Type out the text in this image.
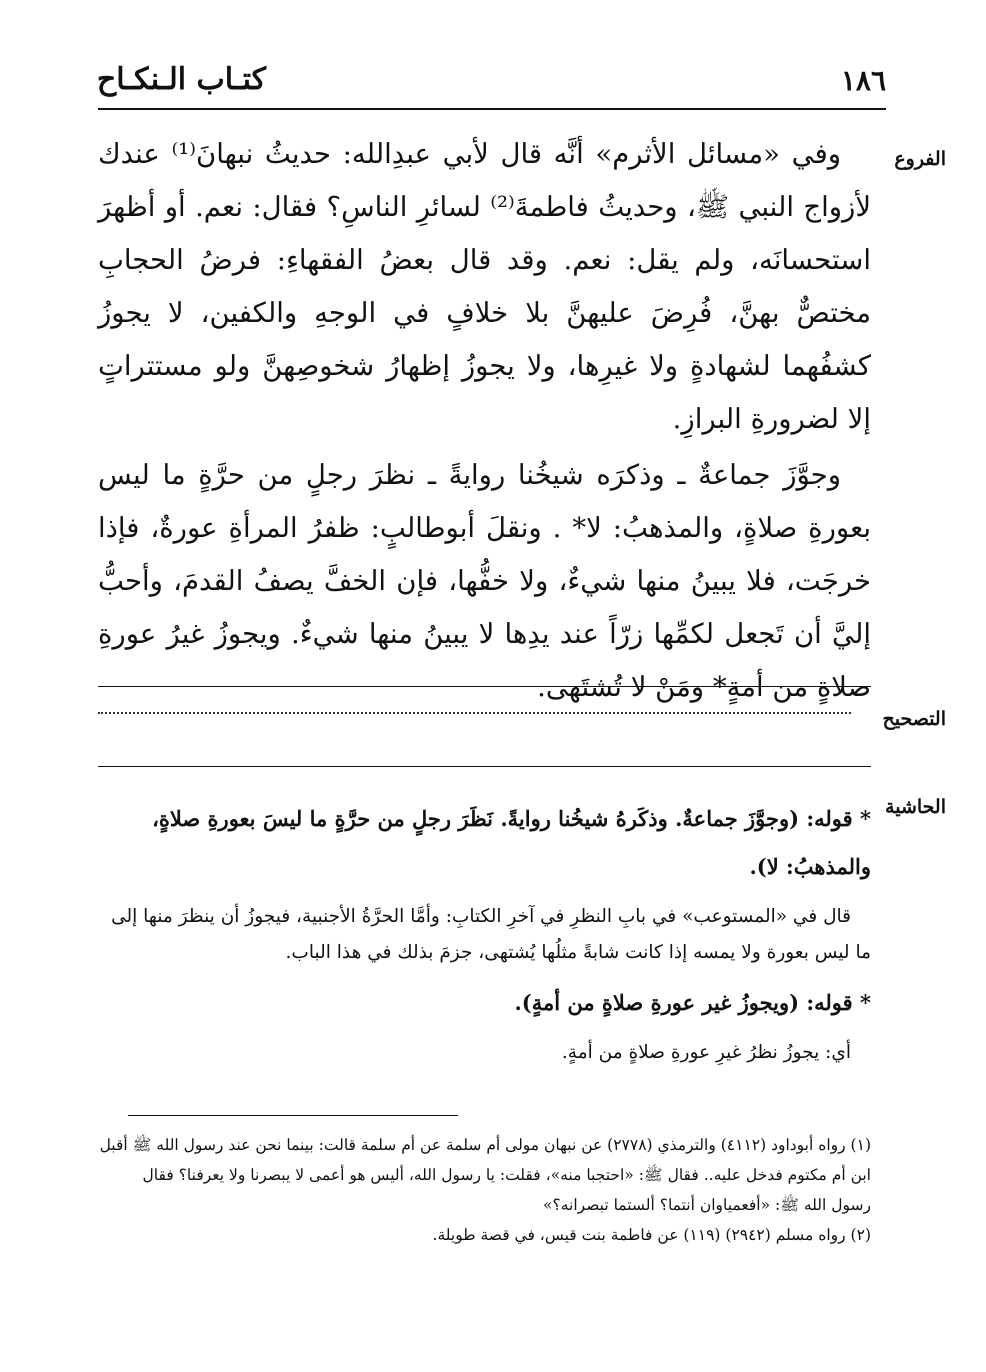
كتـاب الـنكـاح	١٨٦
الفروع

وفي «مسائل الأثرم» أنَّه قال لأبي عبدِالله: حديثُ نبهانَ⁽¹⁾ عندك لأزواج النبي ﷺ، وحديثُ فاطمةَ⁽²⁾ لسائرِ الناسِ؟ فقال: نعم. أو أظهرَ استحسانَه، ولم يقل: نعم. وقد قال بعضُ الفقهاءِ: فرضُ الحجابِ مختصٌّ بهنَّ، فُرِضَ عليهنَّ بلا خلافٍ في الوجهِ والكفين، لا يجوزُ كشفُهما لشهادةٍ ولا غيرِها، ولا يجوزُ إظهارُ شخوصِهنَّ ولو مستتراتٍ إلا لضرورةِ البرازِ.

وجوَّزَ جماعةٌ ـ وذكرَه شيخُنا روايةً ـ نظرَ رجلٍ من حرَّةٍ ما ليس بعورةِ صلاةٍ، والمذهبُ: لا* . ونقلَ أبوطالبٍ: ظفرُ المرأةِ عورةٌ، فإذا خرجَت، فلا يبينُ منها شيءٌ، ولا خفُّها، فإن الخفَّ يصفُ القدمَ، وأحبُّ إليَّ أن تَجعل لكمِّها زرّاً عند يدِها لا يبينُ منها شيءٌ. ويجوزُ غيرُ عورةِ صلاةٍ من أمةٍ* ومَنْ لا تُشتَهى.

التصحيح
الحاشية

* قوله: (وجوَّزَ جماعةٌ. وذكَرهُ شيخُنا روايةً. نَظَرَ رجلٍ من حرَّةٍ ما ليسَ بعورةِ صلاةٍ، والمذهبُ: لا).

قال في «المستوعب» في بابِ النظرِ في آخرِ الكتابِ: وأمَّا الحرَّةُ الأجنبية، فيجوزُ أن ينظرَ منها إلى ما ليس بعورة ولا يمسه إذا كانت شابةً مثلُها يُشتهى، جزمَ بذلك في هذا الباب.

* قوله: (ويجوزُ غير عورةِ صلاةٍ من أمةٍ).

أي: يجوزُ نظرُ غيرِ عورةِ صلاةٍ من أمةٍ.

(١) رواه أبوداود (٤١١٢) والترمذي (٢٧٧٨) عن نبهان مولى أم سلمة عن أم سلمة قالت: بينما نحن عند رسول الله ﷺ أقبل ابن أم مكتوم فدخل عليه.. فقال ﷺ: «احتجبا منه»، فقلت: يا رسول الله، أليس هو أعمى لا يبصرنا ولا يعرفنا؟ فقال رسول الله ﷺ: «أفعمياوان أنتما؟ ألستما تبصرانه؟»

(٢) رواه مسلم (٢٩٤٢) (١١٩) عن فاطمة بنت قيس، في قصة طويلة.
